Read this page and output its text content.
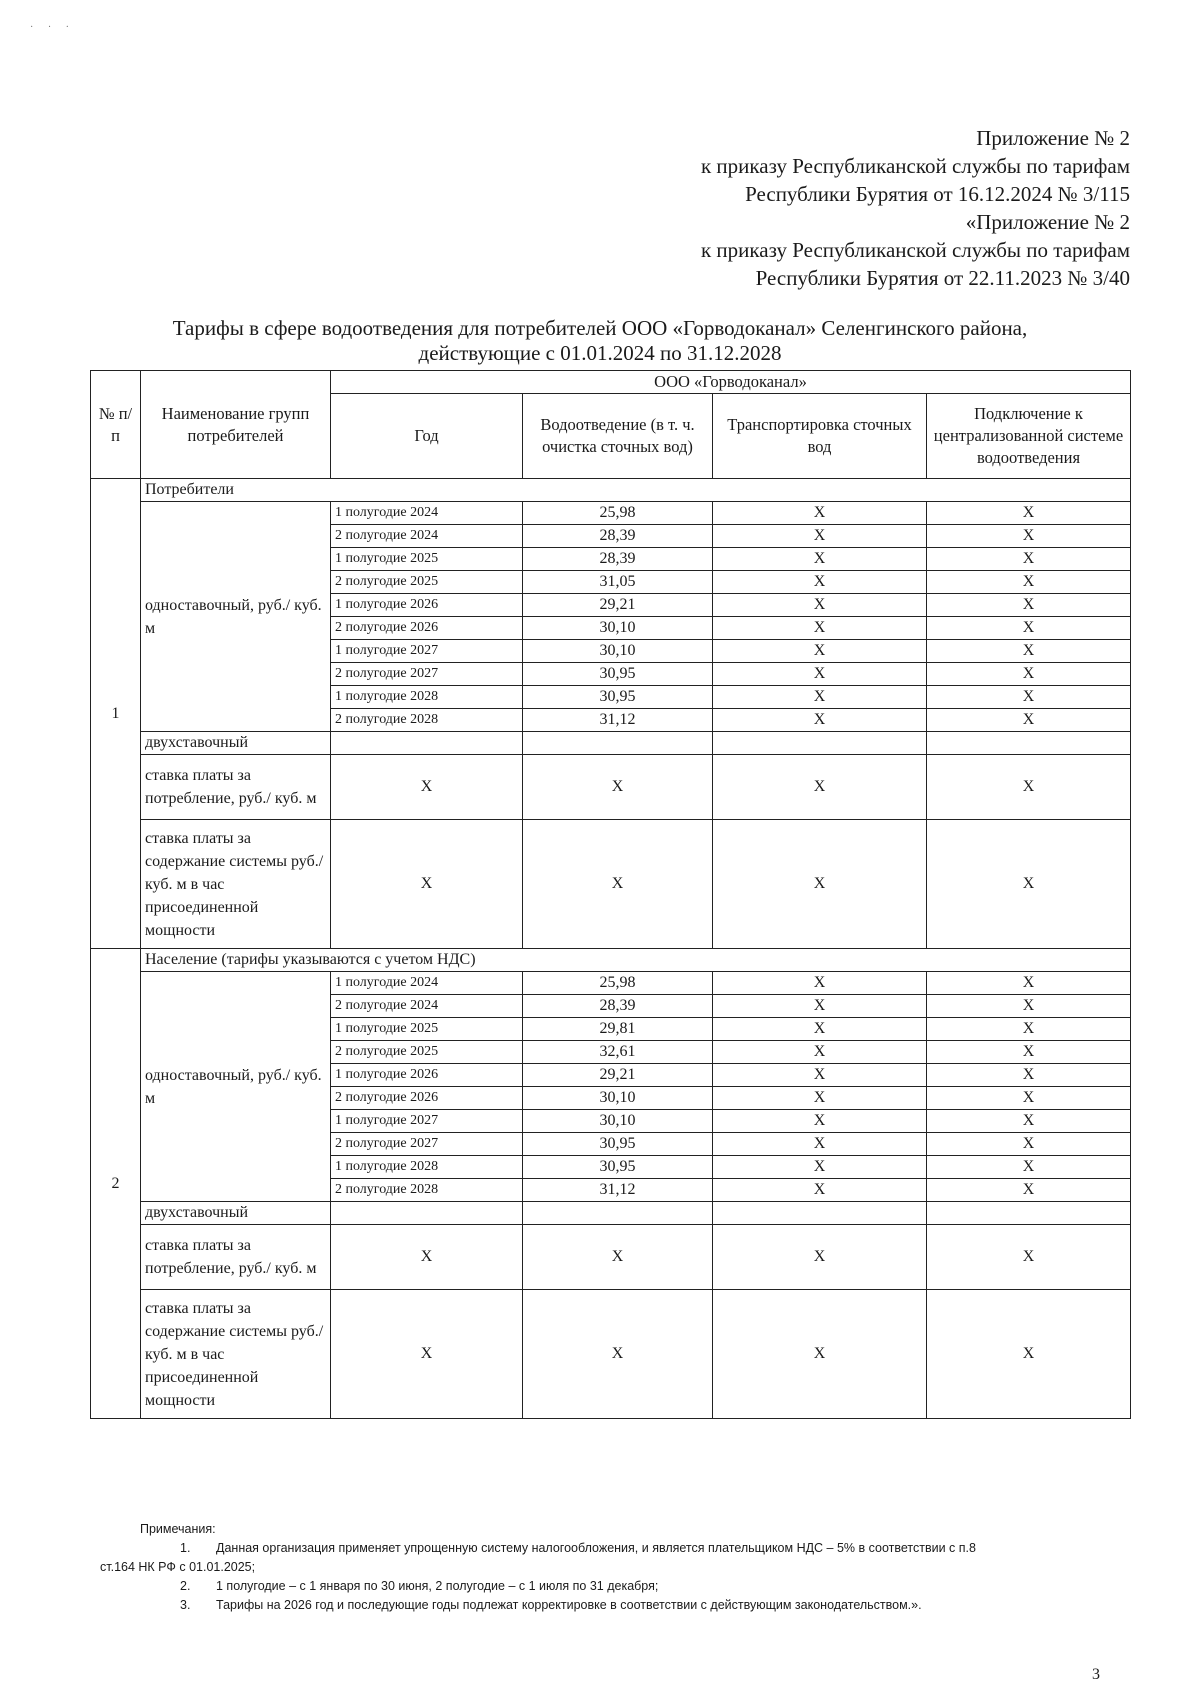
· · ·
Приложение № 2
к приказу Республиканской службы по тарифам
Республики Бурятия от 16.12.2024 № 3/115
«Приложение № 2
к приказу Республиканской службы по тарифам
Республики Бурятия от 22.11.2023 № 3/40
Тарифы в сфере водоотведения для потребителей ООО «Горводоканал» Селенгинского района,
действующие с 01.01.2024 по 31.12.2028
№ п/п	Наименование групп потребителей	ООО «Горводоканал»			
		Год	Водоотведение (в т. ч. очистка сточных вод)	Транспортировка сточных вод	Подключение к централизованной системе водоотведения
1	Потребители				
	одноставочный, руб./ куб. м	1 полугодие 2024	25,98	Х	Х
		2 полугодие 2024	28,39	Х	Х
		1 полугодие 2025	28,39	Х	Х
		2 полугодие 2025	31,05	Х	Х
		1 полугодие 2026	29,21	Х	Х
		2 полугодие 2026	30,10	Х	Х
		1 полугодие 2027	30,10	Х	Х
		2 полугодие 2027	30,95	Х	Х
		1 полугодие 2028	30,95	Х	Х
		2 полугодие 2028	31,12	Х	Х
	двухставочный				
	ставка платы за потребление, руб./ куб. м	Х	Х	Х	Х
	ставка платы за содержание системы руб./куб. м в час присоединенной мощности	Х	Х	Х	Х
2	Население (тарифы указываются с учетом НДС)				
	одноставочный, руб./ куб. м	1 полугодие 2024	25,98	Х	Х
		2 полугодие 2024	28,39	Х	Х
		1 полугодие 2025	29,81	Х	Х
		2 полугодие 2025	32,61	Х	Х
		1 полугодие 2026	29,21	Х	Х
		2 полугодие 2026	30,10	Х	Х
		1 полугодие 2027	30,10	Х	Х
		2 полугодие 2027	30,95	Х	Х
		1 полугодие 2028	30,95	Х	Х
		2 полугодие 2028	31,12	Х	Х
	двухставочный				
	ставка платы за потребление, руб./ куб. м	Х	Х	Х	Х
	ставка платы за содержание системы руб./куб. м в час присоединенной мощности	Х	Х	Х	Х
Примечания:
1. Данная организация применяет упрощенную систему налогообложения, и является плательщиком НДС – 5% в соответствии с п.8
ст.164 НК РФ с 01.01.2025;
2. 1 полугодие – с 1 января по 30 июня, 2 полугодие – с 1 июля по 31 декабря;
3. Тарифы на 2026 год и последующие годы подлежат корректировке в соответствии с действующим законодательством.».
3
